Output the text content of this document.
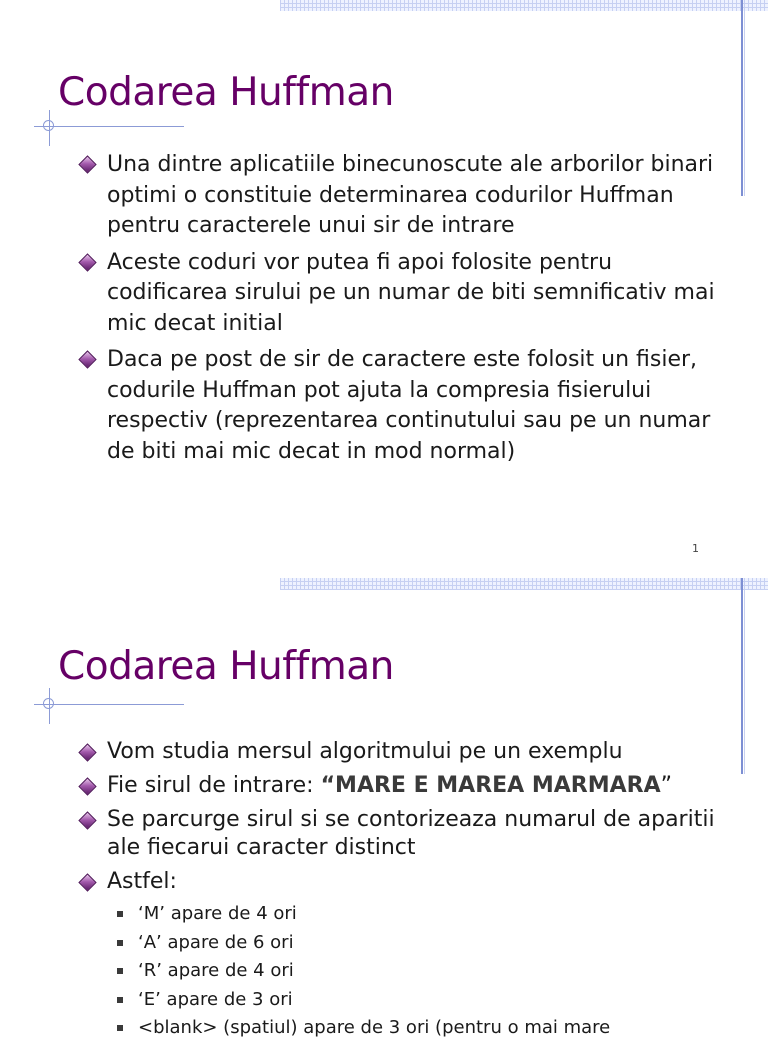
Codarea Huffman
Una dintre aplicatiile binecunoscute ale arborilor binari optimi o constituie determinarea codurilor Huffman pentru caracterele unui sir de intrare
Aceste coduri vor putea fi apoi folosite pentru codificarea sirului pe un numar de biti semnificativ mai mic decat initial
Daca pe post de sir de caractere este folosit un fisier, codurile Huffman pot ajuta la compresia fisierului respectiv (reprezentarea continutului sau pe un numar de biti mai mic decat in mod normal)
1
Codarea Huffman
Vom studia mersul algoritmului pe un exemplu
Fie sirul de intrare: “MARE E MAREA MARMARA”
Se parcurge sirul si se contorizeaza numarul de aparitii ale fiecarui caracter distinct
Astfel:
‘M’ apare de 4 ori
‘A’ apare de 6 ori
‘R’ apare de 4 ori
‘E’ apare de 3 ori
<blank> (spatiul) apare de 3 ori (pentru o mai mare
